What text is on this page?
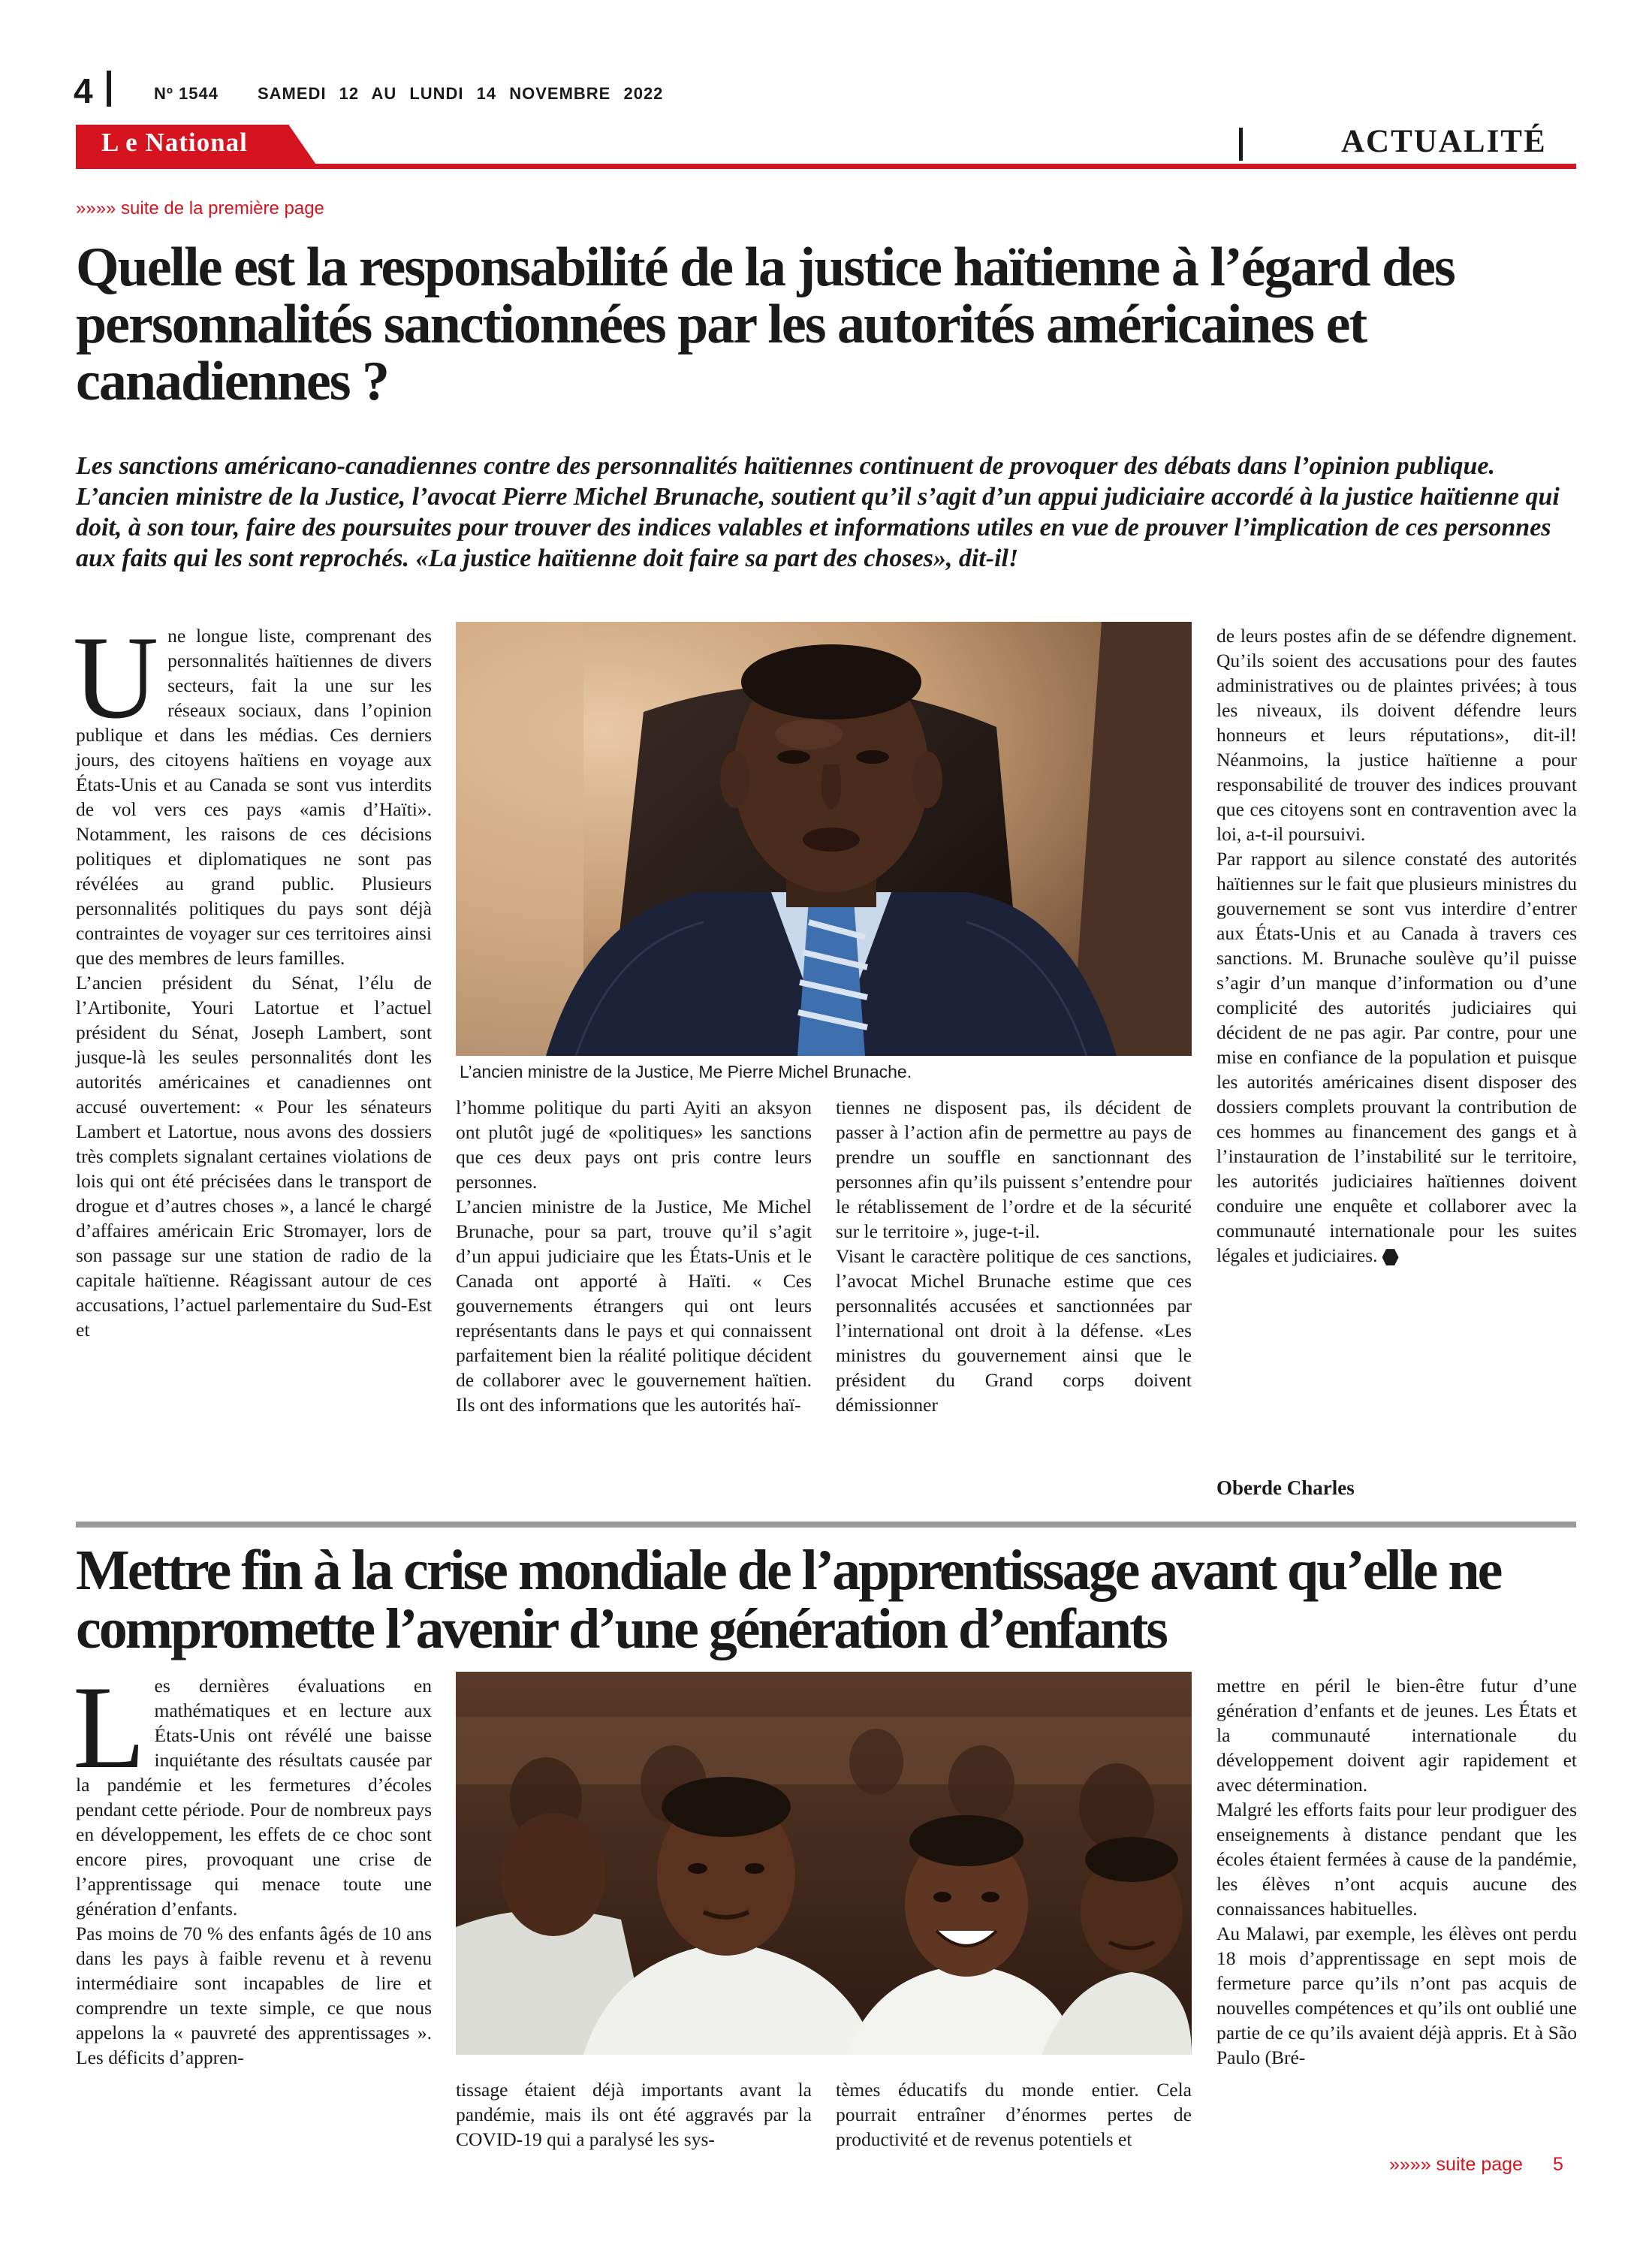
4	Nº 1544 SAMEDI 12 AU LUNDI 14 NOVEMBRE 2022
L e National	ACTUALITÉ
»»»» suite de la première page
Quelle est la responsabilité de la justice haïtienne à l’égard des personnalités sanctionnées par les autorités américaines et canadiennes ?
Les sanctions américano-canadiennes contre des personnalités haïtiennes continuent de provoquer des débats dans l’opinion publique. L’ancien ministre de la Justice, l’avocat Pierre Michel Brunache, soutient qu’il s’agit d’un appui judiciaire accordé à la justice haïtienne qui doit, à son tour, faire des poursuites pour trouver des indices valables et informations utiles en vue de prouver l’implication de ces personnes aux faits qui les sont reprochés. «La justice haïtienne doit faire sa part des choses», dit-il!
U ne longue liste, comprenant des personnalités haïtiennes de divers secteurs, fait la une sur les réseaux sociaux, dans l’opinion publique et dans les médias. Ces derniers jours, des citoyens haïtiens en voyage aux États-Unis et au Canada se sont vus interdits de vol vers ces pays «amis d’Haïti». Notamment, les raisons de ces décisions politiques et diplomatiques ne sont pas révélées au grand public. Plusieurs personnalités politiques du pays sont déjà contraintes de voyager sur ces territoires ainsi que des membres de leurs familles.

L’ancien président du Sénat, l’élu de l’Artibonite, Youri Latortue et l’actuel président du Sénat, Joseph Lambert, sont jusque-là les seules personnalités dont les autorités américaines et canadiennes ont accusé ouvertement: « Pour les sénateurs Lambert et Latortue, nous avons des dossiers très complets signalant certaines violations de lois qui ont été précisées dans le transport de drogue et d’autres choses », a lancé le chargé d’affaires américain Eric Stromayer, lors de son passage sur une station de radio de la capitale haïtienne. Réagissant autour de ces accusations, l’actuel parlementaire du Sud-Est et

L’ancien ministre de la Justice, Me Pierre Michel Brunache.

l’homme politique du parti Ayiti an aksyon ont plutôt jugé de «politiques» les sanctions que ces deux pays ont pris contre leurs personnes.

L’ancien ministre de la Justice, Me Michel Brunache, pour sa part, trouve qu’il s’agit d’un appui judiciaire que les États-Unis et le Canada ont apporté à Haïti. « Ces gouvernements étrangers qui ont leurs représentants dans le pays et qui connaissent parfaitement bien la réalité politique décident de collaborer avec le gouvernement haïtien. Ils ont des informations que les autorités haï-

tiennes ne disposent pas, ils décident de passer à l’action afin de permettre au pays de prendre un souffle en sanctionnant des personnes afin qu’ils puissent s’entendre pour le rétablissement de l’ordre et de la sécurité sur le territoire », juge-t-il.

Visant le caractère politique de ces sanctions, l’avocat Michel Brunache estime que ces personnalités accusées et sanctionnées par l’international ont droit à la défense. «Les ministres du gouvernement ainsi que le président du Grand corps doivent démissionner

de leurs postes afin de se défendre dignement. Qu’ils soient des accusations pour des fautes administratives ou de plaintes privées; à tous les niveaux, ils doivent défendre leurs honneurs et leurs réputations», dit-il! Néanmoins, la justice haïtienne a pour responsabilité de trouver des indices prouvant que ces citoyens sont en contravention avec la loi, a-t-il poursuivi.

Par rapport au silence constaté des autorités haïtiennes sur le fait que plusieurs ministres du gouvernement se sont vus interdire d’entrer aux États-Unis et au Canada à travers ces sanctions. M. Brunache soulève qu’il puisse s’agir d’un manque d’information ou d’une complicité des autorités judiciaires qui décident de ne pas agir. Par contre, pour une mise en confiance de la population et puisque les autorités américaines disent disposer des dossiers complets prouvant la contribution de ces hommes au financement des gangs et à l’instauration de l’instabilité sur le territoire, les autorités judiciaires haïtiennes doivent conduire une enquête et collaborer avec la communauté internationale pour les suites légales et judiciaires.

Oberde Charles
Mettre fin à la crise mondiale de l’apprentissage avant qu’elle ne compromette l’avenir d’une génération d’enfants
L es dernières évaluations en mathématiques et en lecture aux États-Unis ont révélé une baisse inquiétante des résultats causée par la pandémie et les fermetures d’écoles pendant cette période. Pour de nombreux pays en développement, les effets de ce choc sont encore pires, provoquant une crise de l’apprentissage qui menace toute une génération d’enfants.

Pas moins de 70 % des enfants âgés de 10 ans dans les pays à faible revenu et à revenu intermédiaire sont incapables de lire et comprendre un texte simple, ce que nous appelons la « pauvreté des apprentissages ». Les déficits d’appren-

tissage étaient déjà importants avant la pandémie, mais ils ont été aggravés par la COVID-19 qui a paralysé les sys-

tèmes éducatifs du monde entier. Cela pourrait entraîner d’énormes pertes de productivité et de revenus potentiels et

mettre en péril le bien-être futur d’une génération d’enfants et de jeunes. Les États et la communauté internationale du développement doivent agir rapidement et avec détermination.

Malgré les efforts faits pour leur prodiguer des enseignements à distance pendant que les écoles étaient fermées à cause de la pandémie, les élèves n’ont acquis aucune des connaissances habituelles.

Au Malawi, par exemple, les élèves ont perdu 18 mois d’apprentissage en sept mois de fermeture parce qu’ils n’ont pas acquis de nouvelles compétences et qu’ils ont oublié une partie de ce qu’ils avaient déjà appris. Et à São Paulo (Bré-

»»»» suite page 5
